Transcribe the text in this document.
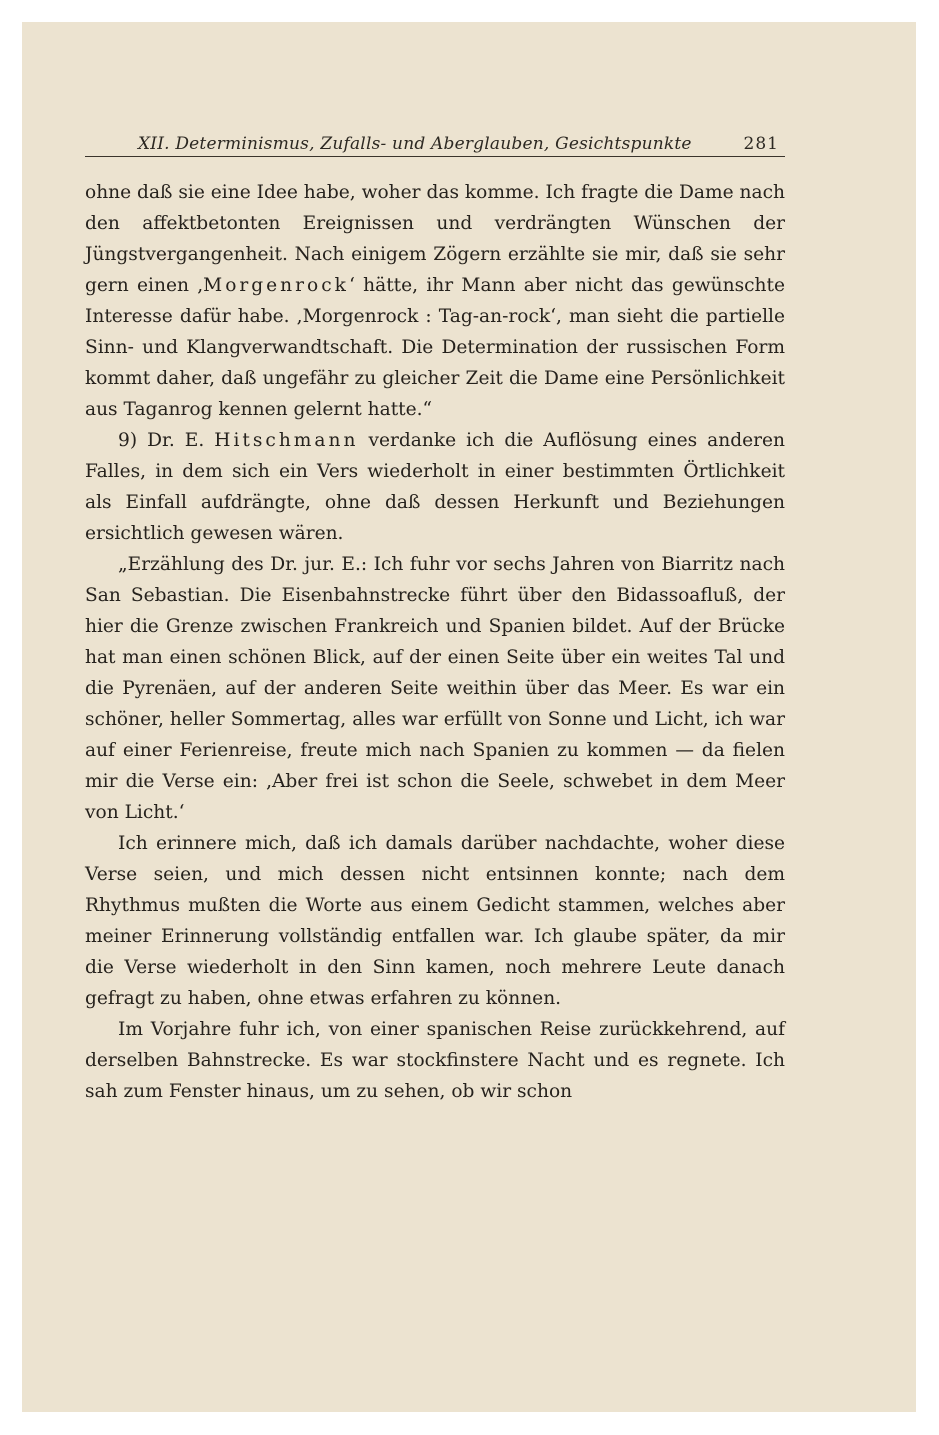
XII. Determinismus, Zufalls- und Aberglauben, Gesichtspunkte	281

ohne daß sie eine Idee habe, woher das komme. Ich fragte die Dame nach den affektbetonten Ereignissen und verdrängten Wünschen der Jüngstvergangenheit. Nach einigem Zögern erzählte sie mir, daß sie sehr gern einen ,Morgenrock‘ hätte, ihr Mann aber nicht das gewünschte Interesse dafür habe. ,Morgenrock : Tag-an-rock‘, man sieht die partielle Sinn- und Klangverwandtschaft. Die Determination der russischen Form kommt daher, daß ungefähr zu gleicher Zeit die Dame eine Persönlichkeit aus Taganrog kennen gelernt hatte.“

9) Dr. E. Hitschmann verdanke ich die Auflösung eines anderen Falles, in dem sich ein Vers wiederholt in einer bestimmten Örtlichkeit als Einfall aufdrängte, ohne daß dessen Herkunft und Beziehungen ersichtlich gewesen wären.

„Erzählung des Dr. jur. E.: Ich fuhr vor sechs Jahren von Biarritz nach San Sebastian. Die Eisenbahnstrecke führt über den Bidassoafluß, der hier die Grenze zwischen Frankreich und Spanien bildet. Auf der Brücke hat man einen schönen Blick, auf der einen Seite über ein weites Tal und die Pyrenäen, auf der anderen Seite weithin über das Meer. Es war ein schöner, heller Sommertag, alles war erfüllt von Sonne und Licht, ich war auf einer Ferienreise, freute mich nach Spanien zu kommen — da fielen mir die Verse ein: ,Aber frei ist schon die Seele, schwebet in dem Meer von Licht.‘

Ich erinnere mich, daß ich damals darüber nachdachte, woher diese Verse seien, und mich dessen nicht entsinnen konnte; nach dem Rhythmus mußten die Worte aus einem Gedicht stammen, welches aber meiner Erinnerung vollständig entfallen war. Ich glaube später, da mir die Verse wiederholt in den Sinn kamen, noch mehrere Leute danach gefragt zu haben, ohne etwas erfahren zu können.

Im Vorjahre fuhr ich, von einer spanischen Reise zurückkehrend, auf derselben Bahnstrecke. Es war stockfinstere Nacht und es regnete. Ich sah zum Fenster hinaus, um zu sehen, ob wir schon
